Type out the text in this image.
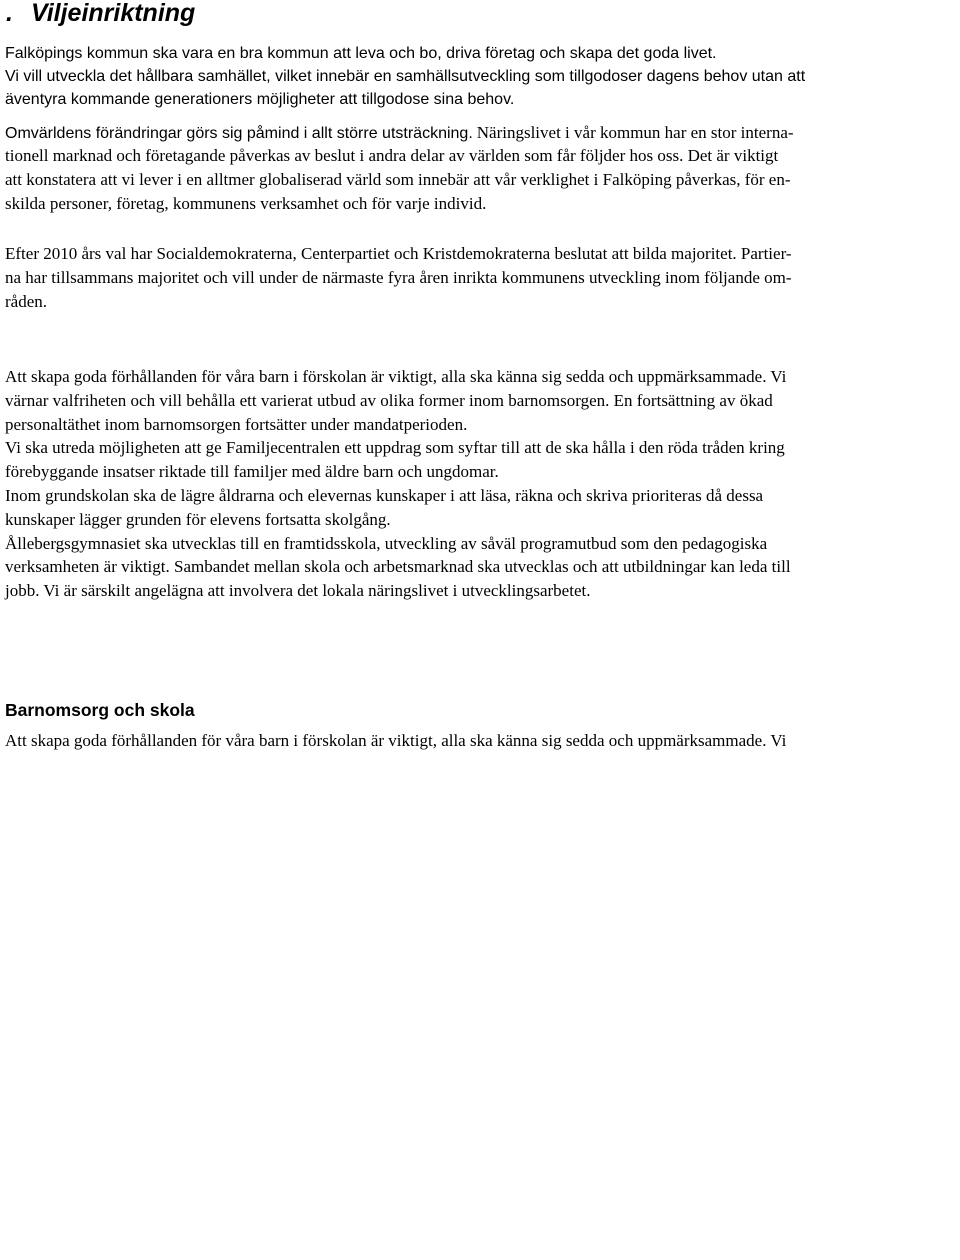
. Viljeinriktning
Falköpings kommun ska vara en bra kommun att leva och bo, driva företag och skapa det goda livet.
Vi vill utveckla det hållbara samhället, vilket innebär en samhällsutveckling som tillgodoser dagens behov utan att
äventyra kommande generationers möjligheter att tillgodose sina behov.
Omvärldens förändringar görs sig påmind i allt större utsträckning. Näringslivet i vår kommun har en stor interna-
tionell marknad och företagande påverkas av beslut i andra delar av världen som får följder hos oss. Det är viktigt
att konstatera att vi lever i en alltmer globaliserad värld som innebär att vår verklighet i Falköping påverkas, för en-
skilda personer, företag, kommunens verksamhet och för varje individ.
Efter 2010 års val har Socialdemokraterna, Centerpartiet och Kristdemokraterna beslutat att bilda majoritet. Partier-
na har tillsammans majoritet och vill under de närmaste fyra åren inrikta kommunens utveckling inom följande om-
råden.
Barnomsorg och skola
Att skapa goda förhållanden för våra barn i förskolan är viktigt, alla ska känna sig sedda och uppmärksammade. Vi
Att skapa goda förhållanden för våra barn i förskolan är viktigt, alla ska känna sig sedda och uppmärksammade. Vi
värnar valfriheten och vill behålla ett varierat utbud av olika former inom barnomsorgen. En fortsättning av ökad
personaltäthet inom barnomsorgen fortsätter under mandatperioden.
Vi ska utreda möjligheten att ge Familjecentralen ett uppdrag som syftar till att de ska hålla i den röda tråden kring
förebyggande insatser riktade till familjer med äldre barn och ungdomar.
Inom grundskolan ska de lägre åldrarna och elevernas kunskaper i att läsa, räkna och skriva prioriteras då dessa
kunskaper lägger grunden för elevens fortsatta skolgång.
Ållebergsgymnasiet ska utvecklas till en framtidsskola, utveckling av såväl programutbud som den pedagogiska
verksamheten är viktigt. Sambandet mellan skola och arbetsmarknad ska utvecklas och att utbildningar kan leda till
jobb. Vi är särskilt angelägna att involvera det lokala näringslivet i utvecklingsarbetet.
